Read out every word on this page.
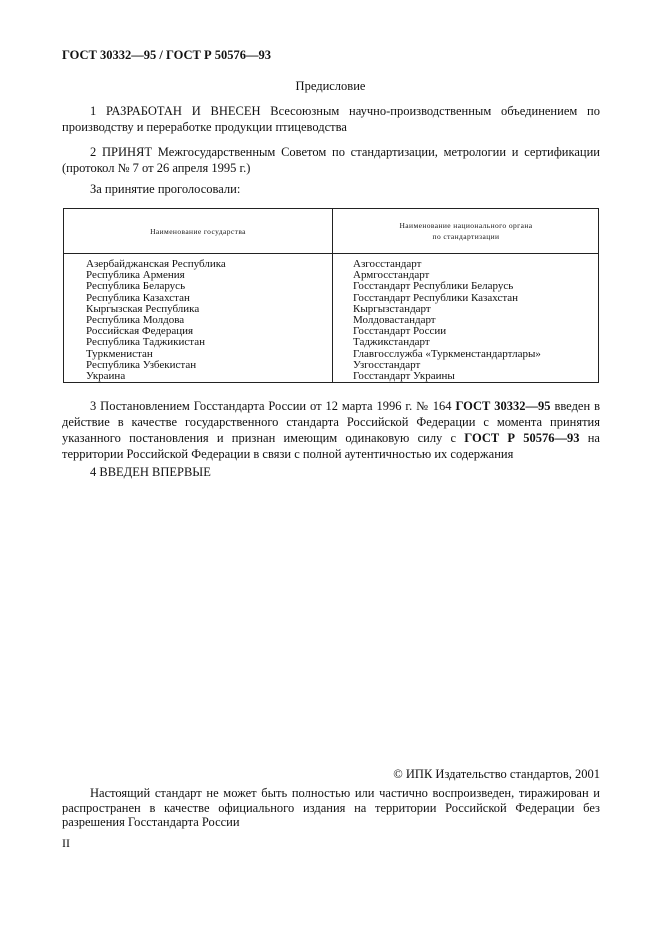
ГОСТ 30332—95 / ГОСТ Р 50576—93
Предисловие
1 РАЗРАБОТАН И ВНЕСЕН Всесоюзным научно-производственным объединением по производству и переработке продукции птицеводства
2 ПРИНЯТ Межгосударственным Советом по стандартизации, метрологии и сертификации (протокол № 7 от 26 апреля 1995 г.)
За принятие проголосовали:
Наименование государства
Наименование национального органа
по стандартизации
Азербайджанская Республика
Республика Армения
Республика Беларусь
Республика Казахстан
Кыргызская Республика
Республика Молдова
Российская Федерация
Республика Таджикистан
Туркменистан
Республика Узбекистан
Украина
Азгосстандарт
Армгосстандарт
Госстандарт Республики Беларусь
Госстандарт Республики Казахстан
Кыргызстандарт
Молдовастандарт
Госстандарт России
Таджикстандарт
Главгосслужба «Туркменстандартлары»
Узгосстандарт
Госстандарт Украины
3 Постановлением Госстандарта России от 12 марта 1996 г. № 164 ГОСТ 30332—95 введен в действие в качестве государственного стандарта Российской Федерации с момента принятия указанного постановления и признан имеющим одинаковую силу с ГОСТ Р 50576—93 на территории Российской Федерации в связи с полной аутентичностью их содержания
4 ВВЕДЕН ВПЕРВЫЕ
© ИПК Издательство стандартов, 2001
Настоящий стандарт не может быть полностью или частично воспроизведен, тиражирован и распространен в качестве официального издания на территории Российской Федерации без разрешения Госстандарта России
II
